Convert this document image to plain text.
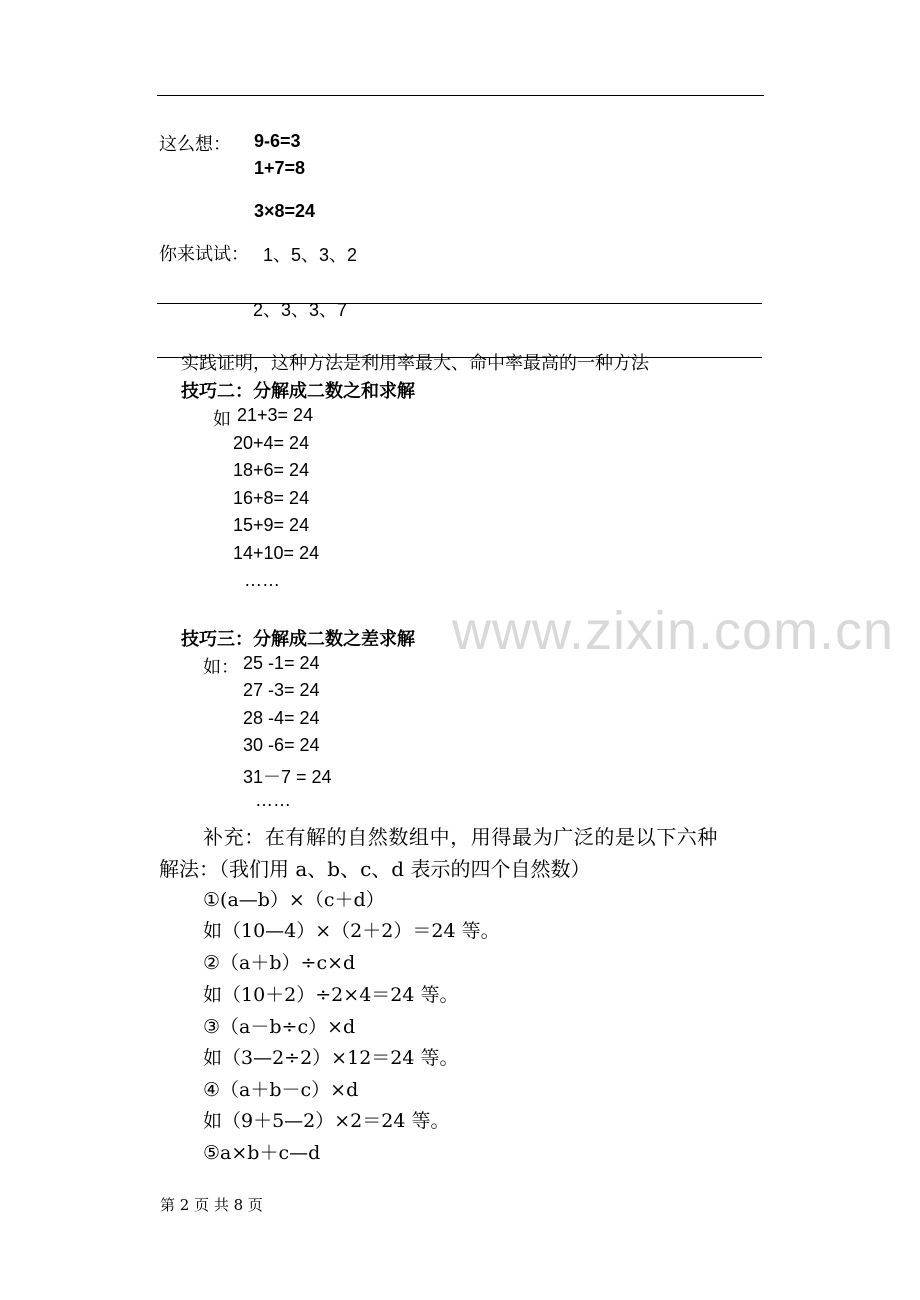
www.zixin.com.cn
这么想： 9-6=3
1+7=8
3×8=24
你来试试： 1、5、3、2
2、3、3、7
实践证明，这种方法是利用率最大、命中率最高的一种方法
技巧二：分解成二数之和求解
如 21+3= 24
20+4= 24
18+6= 24
16+8= 24
15+9= 24
14+10= 24
……
技巧三：分解成二数之差求解
如： 25 -1= 24
27 -3= 24
28 -4= 24
30 -6= 24
31－7 = 24
……
补充：在有解的自然数组中，用得最为广泛的是以下六种
解法：（我们用 a、b、c、d 表示的四个自然数）
①(a—b）×（c＋d）
如（10—4）×（2＋2）＝24 等。
②（a＋b）÷c×d
如（10＋2）÷2×4＝24 等。
③（a－b÷c）×d
如（3—2÷2）×12＝24 等。
④（a＋b－c）×d
如（9＋5—2）×2＝24 等。
⑤a×b＋c—d
第 2 页 共 8 页
